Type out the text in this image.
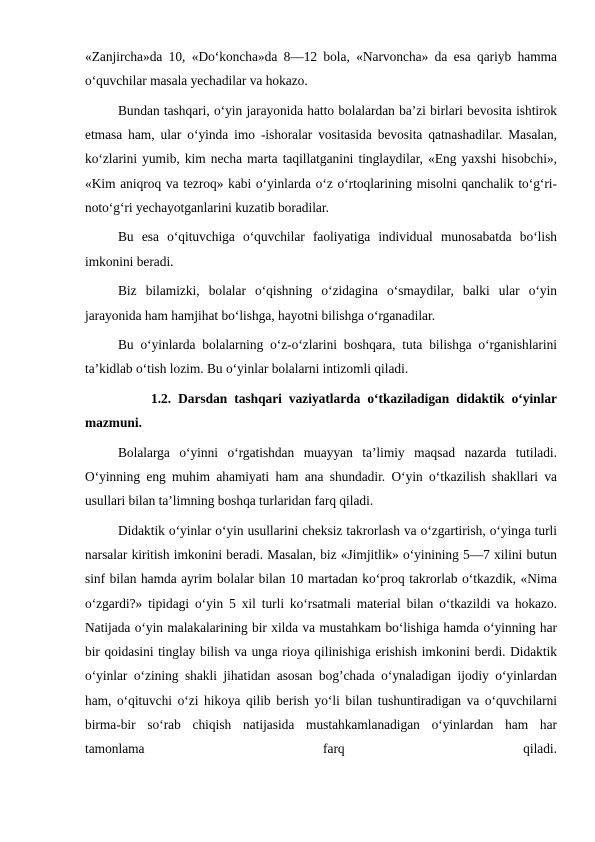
«Zanjircha»da 10, «Do‘koncha»da 8—12 bola, «Narvoncha» da esa qariyb hamma o‘quvchilar masala yechadilar va hokazo.

Bundan tashqari, o‘yin jarayonida hatto bolalardan ba’zi birlari bevosita ishtirok etmasa ham, ular o‘yinda imo -ishoralar vositasida bevosita qatnashadilar. Masalan, ko‘zlarini yumib, kim necha marta taqillatganini tinglaydilar, «Eng yaxshi hisobchi», «Kim aniqroq va tezroq» kabi o‘yinlarda o‘z o‘rtoqlarining misolni qanchalik to‘g‘ri-noto‘g‘ri yechayotganlarini kuzatib boradilar.

Bu esa o‘qituvchiga o‘quvchilar faoliyatiga individual munosabatda bo‘lish imkonini beradi.

Biz bilamizki, bolalar o‘qishning o‘zidagina o‘smaydilar, balki ular o‘yin jarayonida ham hamjihat bo‘lishga, hayotni bilishga o‘rganadilar.

Bu o‘yinlarda bolalarning o‘z-o‘zlarini boshqara, tuta bilishga o‘rganishlarini ta’kidlab o‘tish lozim. Bu o‘yinlar bolalarni intizomli qiladi.

1.2. Darsdan tashqari vaziyatlarda o‘tkaziladigan didaktik o‘yinlar mazmuni.

Bolalarga o‘yinni o‘rgatishdan muayyan ta’limiy maqsad nazarda tutiladi. O‘yinning eng muhim ahamiyati ham ana shundadir. O‘yin o‘tkazilish shakllari va usullari bilan ta’limning boshqa turlaridan farq qiladi.

Didaktik o‘yinlar o‘yin usullarini cheksiz takrorlash va o‘zgartirish, o‘yinga turli narsalar kiritish imkonini beradi. Masalan, biz «Jimjitlik» o‘yinining 5—7 xilini butun sinf bilan hamda ayrim bolalar bilan 10 martadan ko‘proq takrorlab o‘tkazdik, «Nima o‘zgardi?» tipidagi o‘yin 5 xil turli ko‘rsatmali material bilan o‘tkazildi va hokazo. Natijada o‘yin malakalarining bir xilda va mustahkam bo‘lishiga hamda o‘yinning har bir qoidasini tinglay bilish va unga rioya qilinishiga erishish imkonini berdi. Didaktik o‘yinlar o‘zining shakli jihatidan asosan bog’chada o‘ynaladigan ijodiy o‘yinlardan ham, o‘qituvchi o‘zi hikoya qilib berish yo‘li bilan tushuntiradigan va o‘quvchilarni birma-bir so‘rab chiqish natijasida mustahkamlanadigan o‘yinlardan ham har tamonlama farq qiladi.
